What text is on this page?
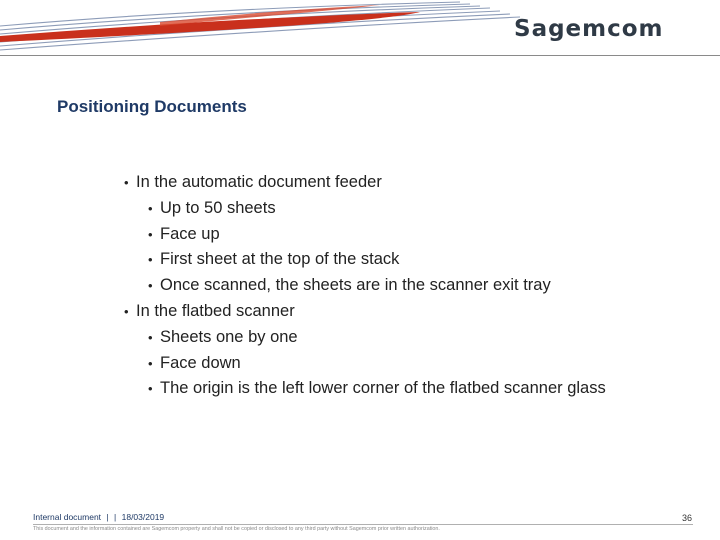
Sagemcom
Positioning Documents
• In the automatic document feeder
• Up to 50 sheets
• Face up
• First sheet at the top of the stack
• Once scanned, the sheets are in the scanner exit tray
• In the flatbed scanner
• Sheets one by one
• Face down
• The origin is the left lower corner of the flatbed scanner glass
Internal document | | 18/03/2019
This document and the information contained are Sagemcom property and shall not be copied or disclosed to any third party without Sagemcom prior written authorization.
36
